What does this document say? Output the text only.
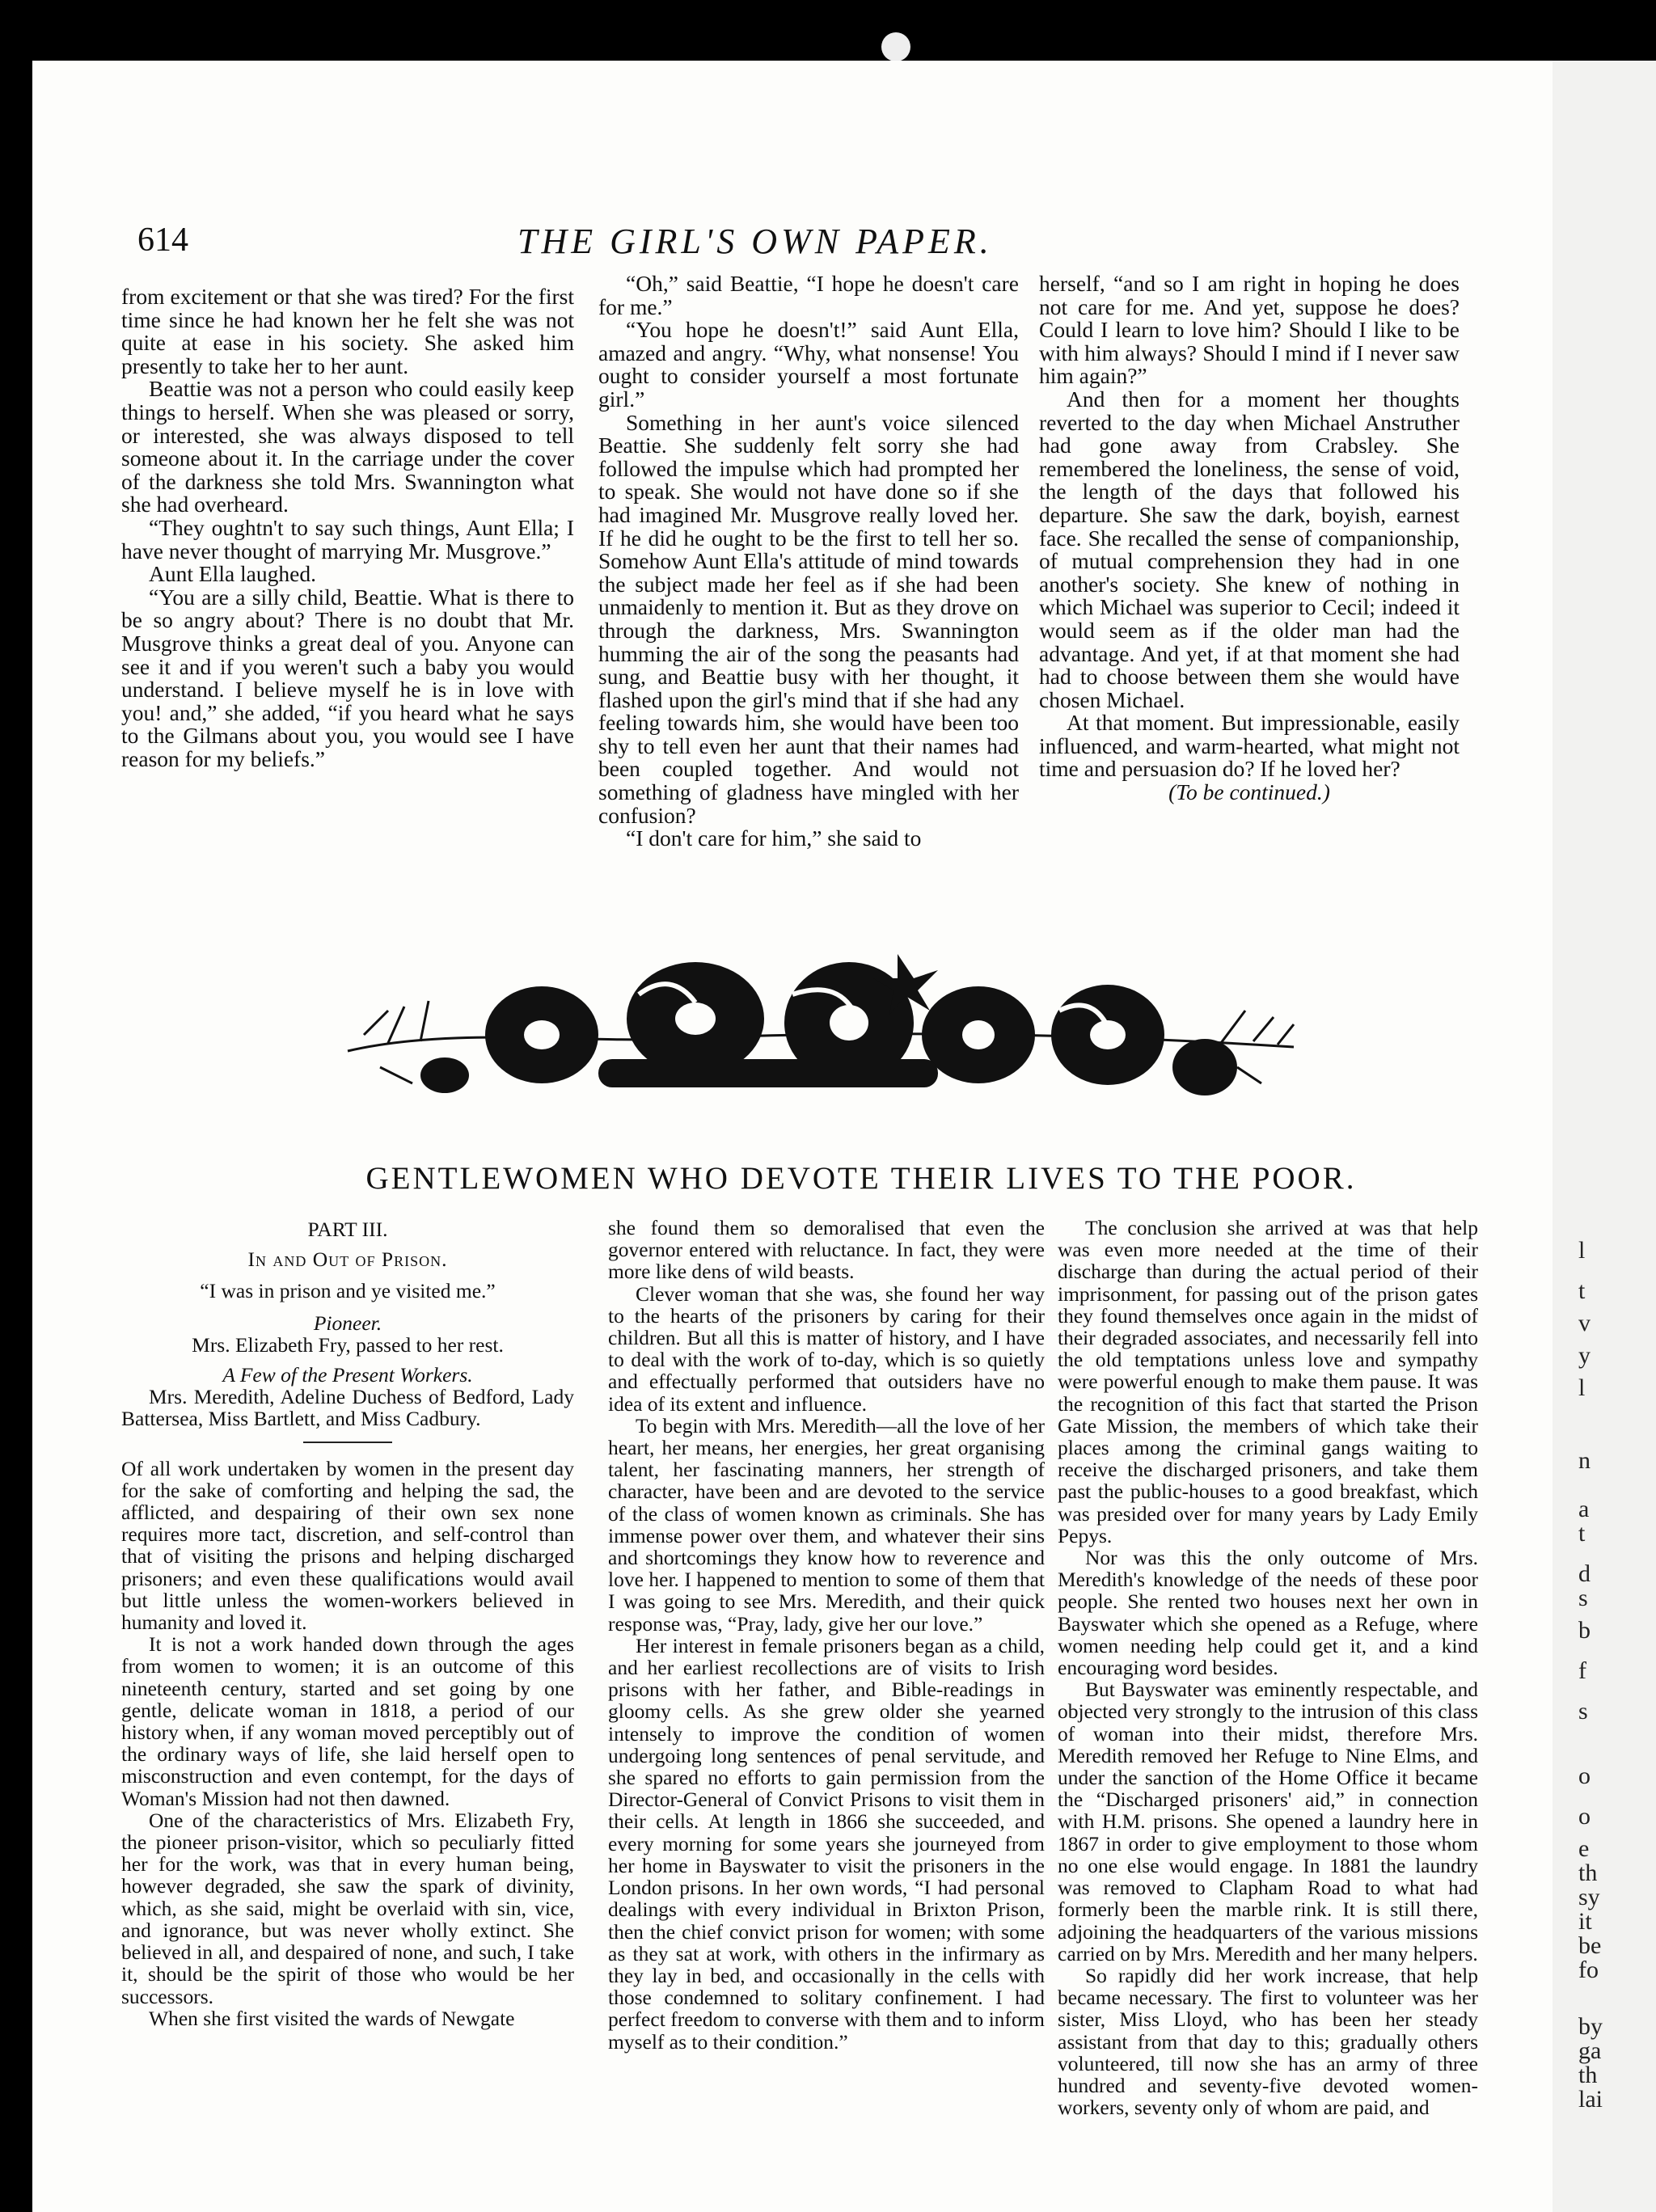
614	THE GIRL'S OWN PAPER.

from excitement or that she was tired? For the first time since he had known her he felt she was not quite at ease in his society. She asked him presently to take her to her aunt.

Beattie was not a person who could easily keep things to herself. When she was pleased or sorry, or interested, she was always disposed to tell someone about it. In the carriage under the cover of the darkness she told Mrs. Swannington what she had overheard.

“They oughtn't to say such things, Aunt Ella; I have never thought of marrying Mr. Musgrove.”

Aunt Ella laughed.

“You are a silly child, Beattie. What is there to be so angry about? There is no doubt that Mr. Musgrove thinks a great deal of you. Anyone can see it and if you weren't such a baby you would understand. I believe myself he is in love with you! and,” she added, “if you heard what he says to the Gilmans about you, you would see I have reason for my beliefs.”

“Oh,” said Beattie, “I hope he doesn't care for me.”

“You hope he doesn't!” said Aunt Ella, amazed and angry. “Why, what nonsense! You ought to consider yourself a most fortunate girl.”

Something in her aunt's voice silenced Beattie. She suddenly felt sorry she had followed the impulse which had prompted her to speak. She would not have done so if she had imagined Mr. Musgrove really loved her. If he did he ought to be the first to tell her so. Somehow Aunt Ella's attitude of mind towards the subject made her feel as if she had been unmaidenly to mention it. But as they drove on through the darkness, Mrs. Swannington humming the air of the song the peasants had sung, and Beattie busy with her thought, it flashed upon the girl's mind that if she had any feeling towards him, she would have been too shy to tell even her aunt that their names had been coupled together. And would not something of gladness have mingled with her confusion?

“I don't care for him,” she said to

herself, “and so I am right in hoping he does not care for me. And yet, suppose he does? Could I learn to love him? Should I like to be with him always? Should I mind if I never saw him again?”

And then for a moment her thoughts reverted to the day when Michael Anstruther had gone away from Crabsley. She remembered the loneliness, the sense of void, the length of the days that followed his departure. She saw the dark, boyish, earnest face. She recalled the sense of companionship, of mutual comprehension they had in one another's society. She knew of nothing in which Michael was superior to Cecil; indeed it would seem as if the older man had the advantage. And yet, if at that moment she had had to choose between them she would have chosen Michael.

At that moment. But impressionable, easily influenced, and warm-hearted, what might not time and persuasion do? If he loved her?

(To be continued.)

GENTLEWOMEN WHO DEVOTE THEIR LIVES TO THE POOR.

PART III.

In and Out of Prison.

“I was in prison and ye visited me.”

Pioneer.

Mrs. Elizabeth Fry, passed to her rest.

A Few of the Present Workers.

Mrs. Meredith, Adeline Duchess of Bedford, Lady Battersea, Miss Bartlett, and Miss Cadbury.

Of all work undertaken by women in the present day for the sake of comforting and helping the sad, the afflicted, and despairing of their own sex none requires more tact, discretion, and self-control than that of visiting the prisons and helping discharged prisoners; and even these qualifications would avail but little unless the women-workers believed in humanity and loved it.

It is not a work handed down through the ages from women to women; it is an outcome of this nineteenth century, started and set going by one gentle, delicate woman in 1818, a period of our history when, if any woman moved perceptibly out of the ordinary ways of life, she laid herself open to misconstruction and even contempt, for the days of Woman's Mission had not then dawned.

One of the characteristics of Mrs. Elizabeth Fry, the pioneer prison-visitor, which so peculiarly fitted her for the work, was that in every human being, however degraded, she saw the spark of divinity, which, as she said, might be overlaid with sin, vice, and ignorance, but was never wholly extinct. She believed in all, and despaired of none, and such, I take it, should be the spirit of those who would be her successors.

When she first visited the wards of Newgate

she found them so demoralised that even the governor entered with reluctance. In fact, they were more like dens of wild beasts.

Clever woman that she was, she found her way to the hearts of the prisoners by caring for their children. But all this is matter of history, and I have to deal with the work of to-day, which is so quietly and effectually performed that outsiders have no idea of its extent and influence.

To begin with Mrs. Meredith—all the love of her heart, her means, her energies, her great organising talent, her fascinating manners, her strength of character, have been and are devoted to the service of the class of women known as criminals. She has immense power over them, and whatever their sins and shortcomings they know how to reverence and love her. I happened to mention to some of them that I was going to see Mrs. Meredith, and their quick response was, “Pray, lady, give her our love.”

Her interest in female prisoners began as a child, and her earliest recollections are of visits to Irish prisons with her father, and Bible-readings in gloomy cells. As she grew older she yearned intensely to improve the condition of women undergoing long sentences of penal servitude, and she spared no efforts to gain permission from the Director-General of Convict Prisons to visit them in their cells. At length in 1866 she succeeded, and every morning for some years she journeyed from her home in Bayswater to visit the prisoners in the London prisons. In her own words, “I had personal dealings with every individual in Brixton Prison, then the chief convict prison for women; with some as they sat at work, with others in the infirmary as they lay in bed, and occasionally in the cells with those condemned to solitary confinement. I had perfect freedom to converse with them and to inform myself as to their condition.”

The conclusion she arrived at was that help was even more needed at the time of their discharge than during the actual period of their imprisonment, for passing out of the prison gates they found themselves once again in the midst of their degraded associates, and necessarily fell into the old temptations unless love and sympathy were powerful enough to make them pause. It was the recognition of this fact that started the Prison Gate Mission, the members of which take their places among the criminal gangs waiting to receive the discharged prisoners, and take them past the public-houses to a good breakfast, which was presided over for many years by Lady Emily Pepys.

Nor was this the only outcome of Mrs. Meredith's knowledge of the needs of these poor people. She rented two houses next her own in Bayswater which she opened as a Refuge, where women needing help could get it, and a kind encouraging word besides.

But Bayswater was eminently respectable, and objected very strongly to the intrusion of this class of woman into their midst, therefore Mrs. Meredith removed her Refuge to Nine Elms, and under the sanction of the Home Office it became the “Discharged prisoners' aid,” in connection with H.M. prisons. She opened a laundry here in 1867 in order to give employment to those whom no one else would engage. In 1881 the laundry was removed to Clapham Road to what had formerly been the marble rink. It is still there, adjoining the headquarters of the various missions carried on by Mrs. Meredith and her many helpers.

So rapidly did her work increase, that help became necessary. The first to volunteer was her sister, Miss Lloyd, who has been her steady assistant from that day to this; gradually others volunteered, till now she has an army of three hundred and seventy-five devoted women-workers, seventy only of whom are paid, and

l
t
v
y
l
n
a
t
d
s
b
f
s
o
o
e
th
sy
it
be
fo
by
ga
th
lai
